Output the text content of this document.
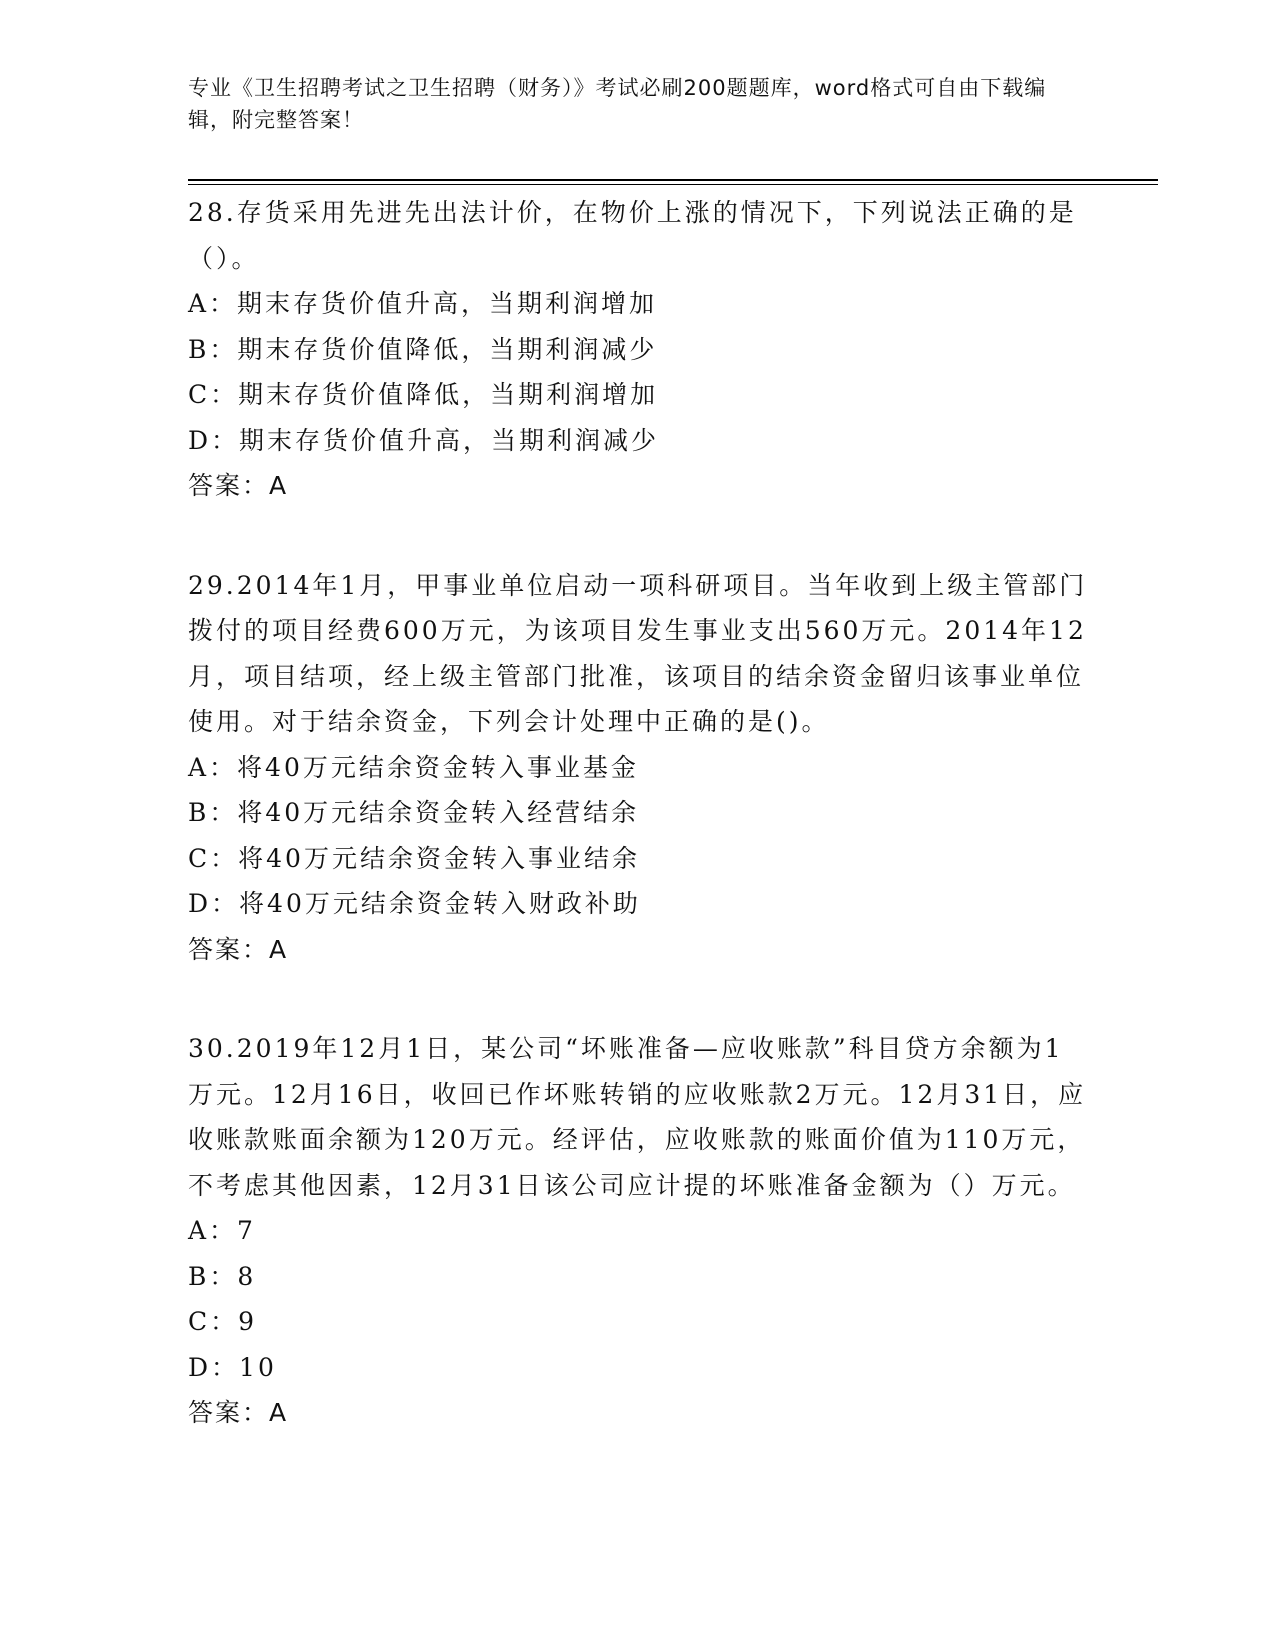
专业《卫生招聘考试之卫生招聘（财务）》考试必刷200题题库，word格式可自由下载编辑，附完整答案！
28.存货采用先进先出法计价，在物价上涨的情况下，下列说法正确的是（）。
A：期末存货价值升高，当期利润增加
B：期末存货价值降低，当期利润减少
C：期末存货价值降低，当期利润增加
D：期末存货价值升高，当期利润减少
答案：A
29.2014年1月，甲事业单位启动一项科研项目。当年收到上级主管部门拨付的项目经费600万元，为该项目发生事业支出560万元。2014年12月，项目结项，经上级主管部门批准，该项目的结余资金留归该事业单位使用。对于结余资金，下列会计处理中正确的是()。
A：将40万元结余资金转入事业基金
B：将40万元结余资金转入经营结余
C：将40万元结余资金转入事业结余
D：将40万元结余资金转入财政补助
答案：A
30.2019年12月1日，某公司“坏账准备—应收账款”科目贷方余额为1万元。12月16日，收回已作坏账转销的应收账款2万元。12月31日，应收账款账面余额为120万元。经评估，应收账款的账面价值为110万元，不考虑其他因素，12月31日该公司应计提的坏账准备金额为（）万元。
A：7
B：8
C：9
D：10
答案：A
